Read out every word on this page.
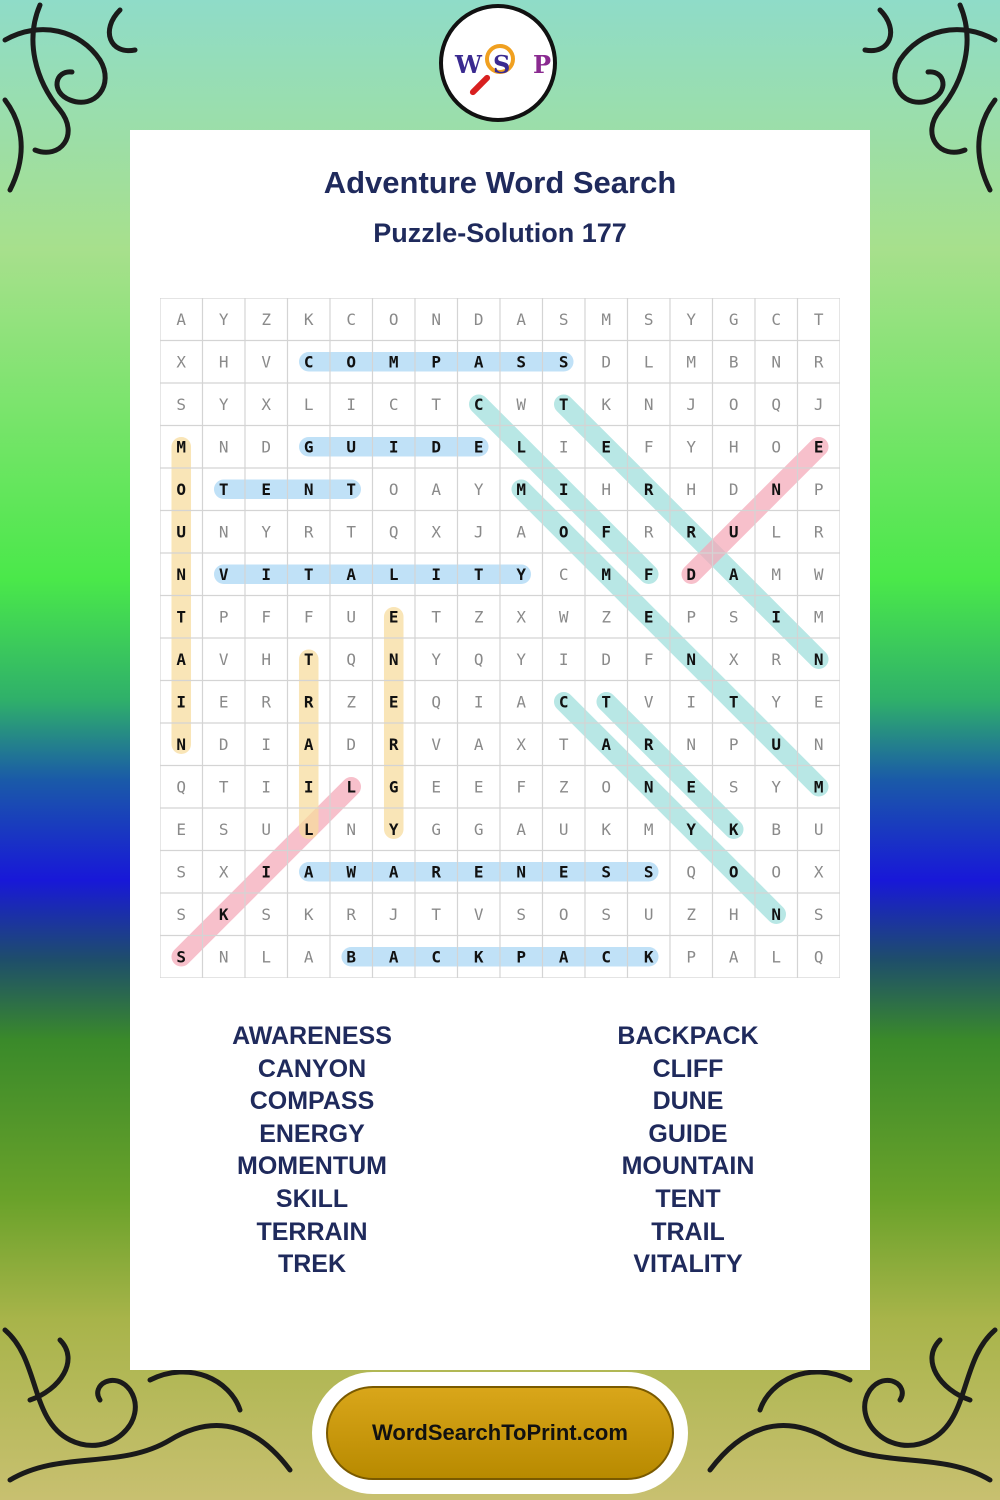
W S P
Adventure Word Search
Puzzle-Solution 177
A Y Z K C O N D A S M S Y G C T
X H V C O M P A S S D L M B N R
S Y X L I C T C W T K N J O Q J
M N D G U I D E L I E F Y H O E
O T E N T O A Y M I H R H D N P
U N Y R T Q X J A O F R R U L R
N V I T A L I T Y C M F D A M W
T P F F U E T Z X W Z E P S I M
A V H T Q N Y Q Y I D F N X R N
I E R R Z E Q I A C T V I T Y E
N D I A D R V A X T A R N P U N
Q T I I L G E E F Z O N E S Y M
E S U L N Y G G A U K M Y K B U
S X I A W A R E N E S S Q O O X
S K S K R J T V S O S U Z H N S
S N L A B A C K P A C K P A L Q
AWARENESS
CANYON
COMPASS
ENERGY
MOMENTUM
SKILL
TERRAIN
TREK
BACKPACK
CLIFF
DUNE
GUIDE
MOUNTAIN
TENT
TRAIL
VITALITY
WordSearchToPrint.com
